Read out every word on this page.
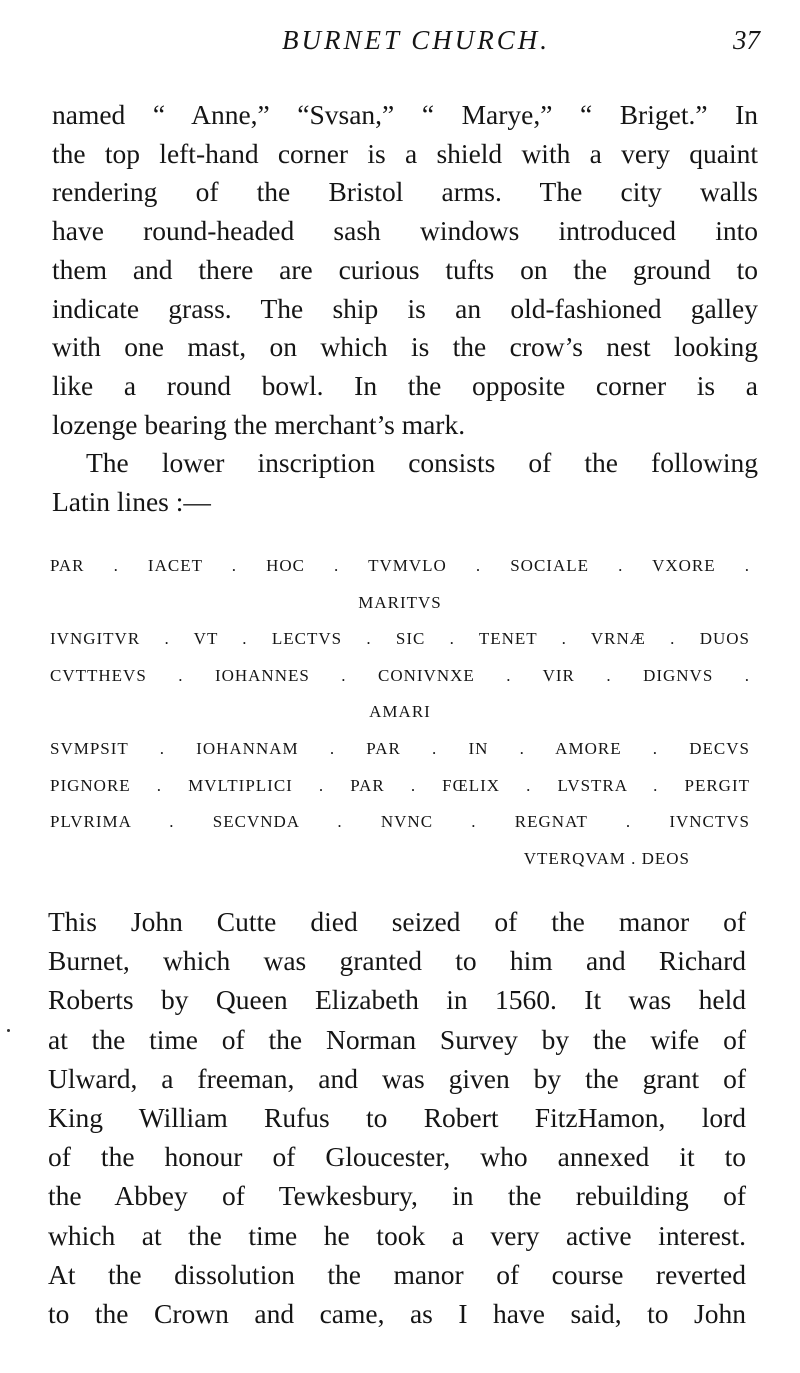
BURNET CHURCH.	37
named “ Anne,” “Svsan,” “ Marye,” “ Briget.” In
the top left-hand corner is a shield with a very quaint
rendering of the Bristol arms. The city walls
have round-headed sash windows introduced into
them and there are curious tufts on the ground to
indicate grass. The ship is an old-fashioned galley
with one mast, on which is the crow’s nest looking
like a round bowl. In the opposite corner is a
lozenge bearing the merchant’s mark.
The lower inscription consists of the following
Latin lines :—
PAR . IACET . HOC . TVMVLO . SOCIALE . VXORE .
MARITVS
IVNGITVR . VT . LECTVS . SIC . TENET . VRNÆ . DUOS
CVTTHEVS . IOHANNES . CONIVNXE . VIR . DIGNVS .
AMARI
SVMPSIT . IOHANNAM . PAR . IN . AMORE . DECVS
PIGNORE . MVLTIPLICI . PAR . FŒLIX . LVSTRA . PERGIT
PLVRIMA . SECVNDA . NVNC . REGNAT . IVNCTVS
VTERQVAM . DEOS
This John Cutte died seized of the manor of
Burnet, which was granted to him and Richard
Roberts by Queen Elizabeth in 1560. It was held
at the time of the Norman Survey by the wife of
Ulward, a freeman, and was given by the grant of
King William Rufus to Robert FitzHamon, lord
of the honour of Gloucester, who annexed it to
the Abbey of Tewkesbury, in the rebuilding of
which at the time he took a very active interest.
At the dissolution the manor of course reverted
to the Crown and came, as I have said, to John
